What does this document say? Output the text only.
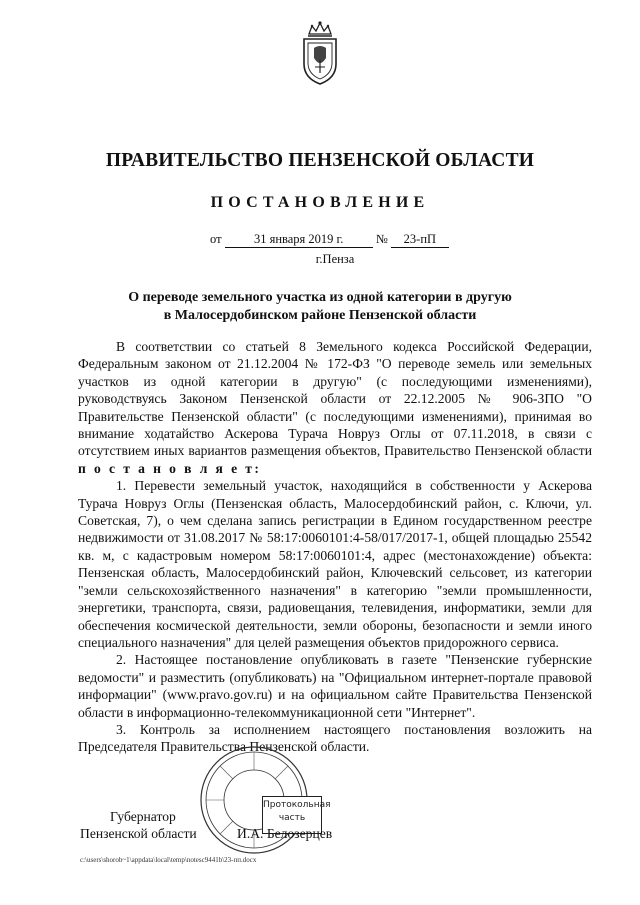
ПРАВИТЕЛЬСТВО ПЕНЗЕНСКОЙ ОБЛАСТИ
ПОСТАНОВЛЕНИЕ
от	31 января 2019 г.	№ 23-пП
г.Пенза
О переводе земельного участка из одной категории в другую
в Малосердобинском районе Пензенской области

В соответствии со статьей 8 Земельного кодекса Российской Федерации, Федеральным законом от 21.12.2004 № 172-ФЗ "О переводе земель или земельных участков из одной категории в другую" (с последующими изменениями), руководствуясь Законом Пензенской области от 22.12.2005 № 906-ЗПО "О Правительстве Пензенской области" (с последующими изменениями), принимая во внимание ходатайство Аскерова Турача Новруз Оглы от 07.11.2018, в связи с отсутствием иных вариантов размещения объектов, Правительство Пензенской области п о с т а н о в л я е т:

1. Перевести земельный участок, находящийся в собственности у Аскерова Турача Новруз Оглы (Пензенская область, Малосердобинский район, с. Ключи, ул. Советская, 7), о чем сделана запись регистрации в Едином государственном реестре недвижимости от 31.08.2017 № 58:17:0060101:4-58/017/2017-1, общей площадью 25542 кв. м, с кадастровым номером 58:17:0060101:4, адрес (местонахождение) объекта: Пензенская область, Малосердобинский район, Ключевский сельсовет, из категории "земли сельскохозяйственного назначения" в категорию "земли промышленности, энергетики, транспорта, связи, радиовещания, телевидения, информатики, земли для обеспечения космической деятельности, земли обороны, безопасности и земли иного специального назначения" для целей размещения объектов придорожного сервиса.

2. Настоящее постановление опубликовать в газете "Пензенские губернские ведомости" и разместить (опубликовать) на "Официальном интернет-портале правовой информации" (www.pravo.gov.ru) и на официальном сайте Правительства Пензенской области в информационно-телекоммуникационной сети "Интернет".

3. Контроль за исполнением настоящего постановления возложить на Председателя Правительства Пензенской области.

Протокольная
часть
Губернатор
Пензенской области	И.А. Белозерцев
c:\users\shorob~1\appdata\local\temp\notesc9441b\23-пп.docx
